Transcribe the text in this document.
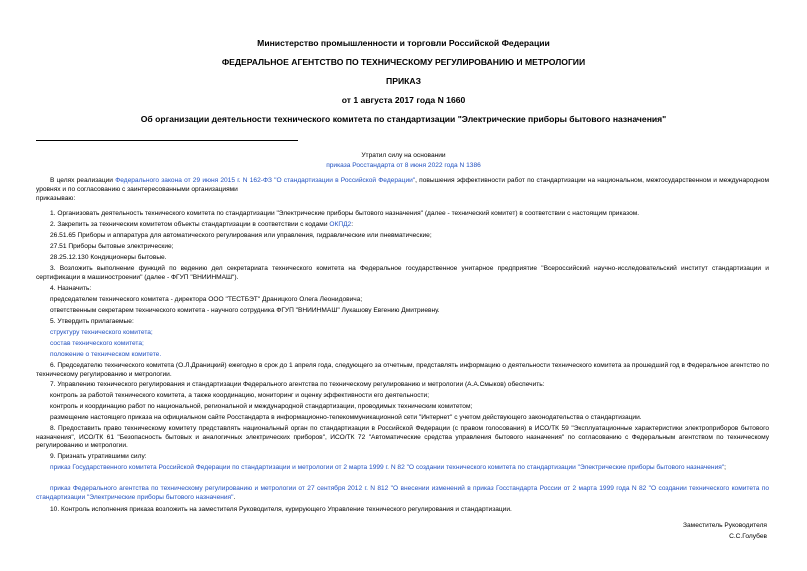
Министерство промышленности и торговли Российской Федерации
ФЕДЕРАЛЬНОЕ АГЕНТСТВО ПО ТЕХНИЧЕСКОМУ РЕГУЛИРОВАНИЮ И МЕТРОЛОГИИ
ПРИКАЗ
от 1 августа 2017 года N 1660
Об организации деятельности технического комитета по стандартизации "Электрические приборы бытового назначения"
Утратил силу на основании
приказа Росстандарта от 8 июня 2022 года N 1386
В целях реализации Федерального закона от 29 июня 2015 г. N 162-ФЗ "О стандартизации в Российской Федерации", повышения эффективности работ по стандартизации на национальном, межгосударственном и международном уровнях и по согласованию с заинтересованными организациями
приказываю:
1. Организовать деятельность технического комитета по стандартизации "Электрические приборы бытового назначения" (далее - технический комитет) в соответствии с настоящим приказом.
2. Закрепить за техническим комитетом объекты стандартизации в соответствии с кодами ОКПД2:
26.51.65 Приборы и аппаратура для автоматического регулирования или управления, гидравлические или пневматические;
27.51 Приборы бытовые электрические;
28.25.12.130 Кондиционеры бытовые.
3. Возложить выполнение функций по ведению дел секретариата технического комитета на Федеральное государственное унитарное предприятие "Всероссийский научно-исследовательский институт стандартизации и сертификации в машиностроении" (далее - ФГУП "ВНИИНМАШ").
4. Назначить:
председателем технического комитета - директора ООО "ТЕСТБЭТ" Драницкого Олега Леонидовича;
ответственным секретарем технического комитета - научного сотрудника ФГУП "ВНИИНМАШ" Лукашову Евгению Дмитриевну.
5. Утвердить прилагаемые:
структуру технического комитета;
состав технического комитета;
положение о техническом комитете.
6. Председателю технического комитета (О.Л.Драницкий) ежегодно в срок до 1 апреля года, следующего за отчетным, представлять информацию о деятельности технического комитета за прошедший год в Федеральное агентство по техническому регулированию и метрологии.
7. Управлению технического регулирования и стандартизации Федерального агентства по техническому регулированию и метрологии (А.А.Смыков) обеспечить:
контроль за работой технического комитета, а также координацию, мониторинг и оценку эффективности его деятельности;
контроль и координацию работ по национальной, региональной и международной стандартизации, проводимых техническим комитетом;
размещение настоящего приказа на официальном сайте Росстандарта в информационно-телекоммуникационной сети "Интернет" с учетом действующего законодательства о стандартизации.
8. Предоставить право техническому комитету представлять национальный орган по стандартизации в Российской Федерации (с правом голосования) в ИСО/ТК 59 "Эксплуатационные характеристики электроприборов бытового назначения", ИСО/ТК 61 "Безопасность бытовых и аналогичных электрических приборов", ИСО/ТК 72 "Автоматические средства управления бытового назначения" по согласованию с Федеральным агентством по техническому регулированию и метрологии.
9. Признать утратившими силу:
приказ Государственного комитета Российской Федерации по стандартизации и метрологии от 2 марта 1999 г. N 82 "О создании технического комитета по стандартизации "Электрические приборы бытового назначения";
приказ Федерального агентства по техническому регулированию и метрологии от 27 сентября 2012 г. N 812 "О внесении изменений в приказ Госстандарта России от 2 марта 1999 года N 82 "О создании технического комитета по стандартизации "Электрические приборы бытового назначения".
10. Контроль исполнения приказа возложить на заместителя Руководителя, курирующего Управление технического регулирования и стандартизации.
Заместитель Руководителя
С.С.Голубев
